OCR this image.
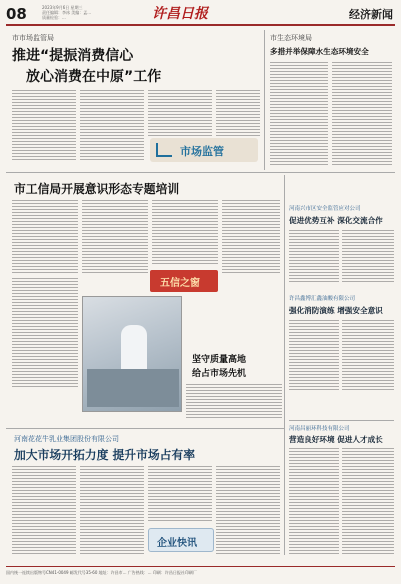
08	2023年9月6日 星期三
责任编辑：李冰 美编：孟...
质量检验：...	许昌日报	经济新闻
市市场监管局
推进“提振消费信心
放心消费在中原”工作
市场监管
市生态环境局
多措并举保障水生态环境安全
市工信局开展意识形态专题培训
河南兴市区安全监管应对公司
促进优势互补 深化交流合作
五信之窗
许昌鑫博汇鑫油酸有限公司
强化消防演练 增强安全意识
坚守质量高地
给占市场先机
河南昌丽环科技有限公司
营造良好环境 促进人才成长
河南花花牛乳业集团股份有限公司
加大市场开拓力度 提升市场占有率
企业快讯
国内统一连续出版物号CN41-0049 邮发代号35-60 地址：许昌市... 广告热线：... 印刷：许昌日报社印刷厂
